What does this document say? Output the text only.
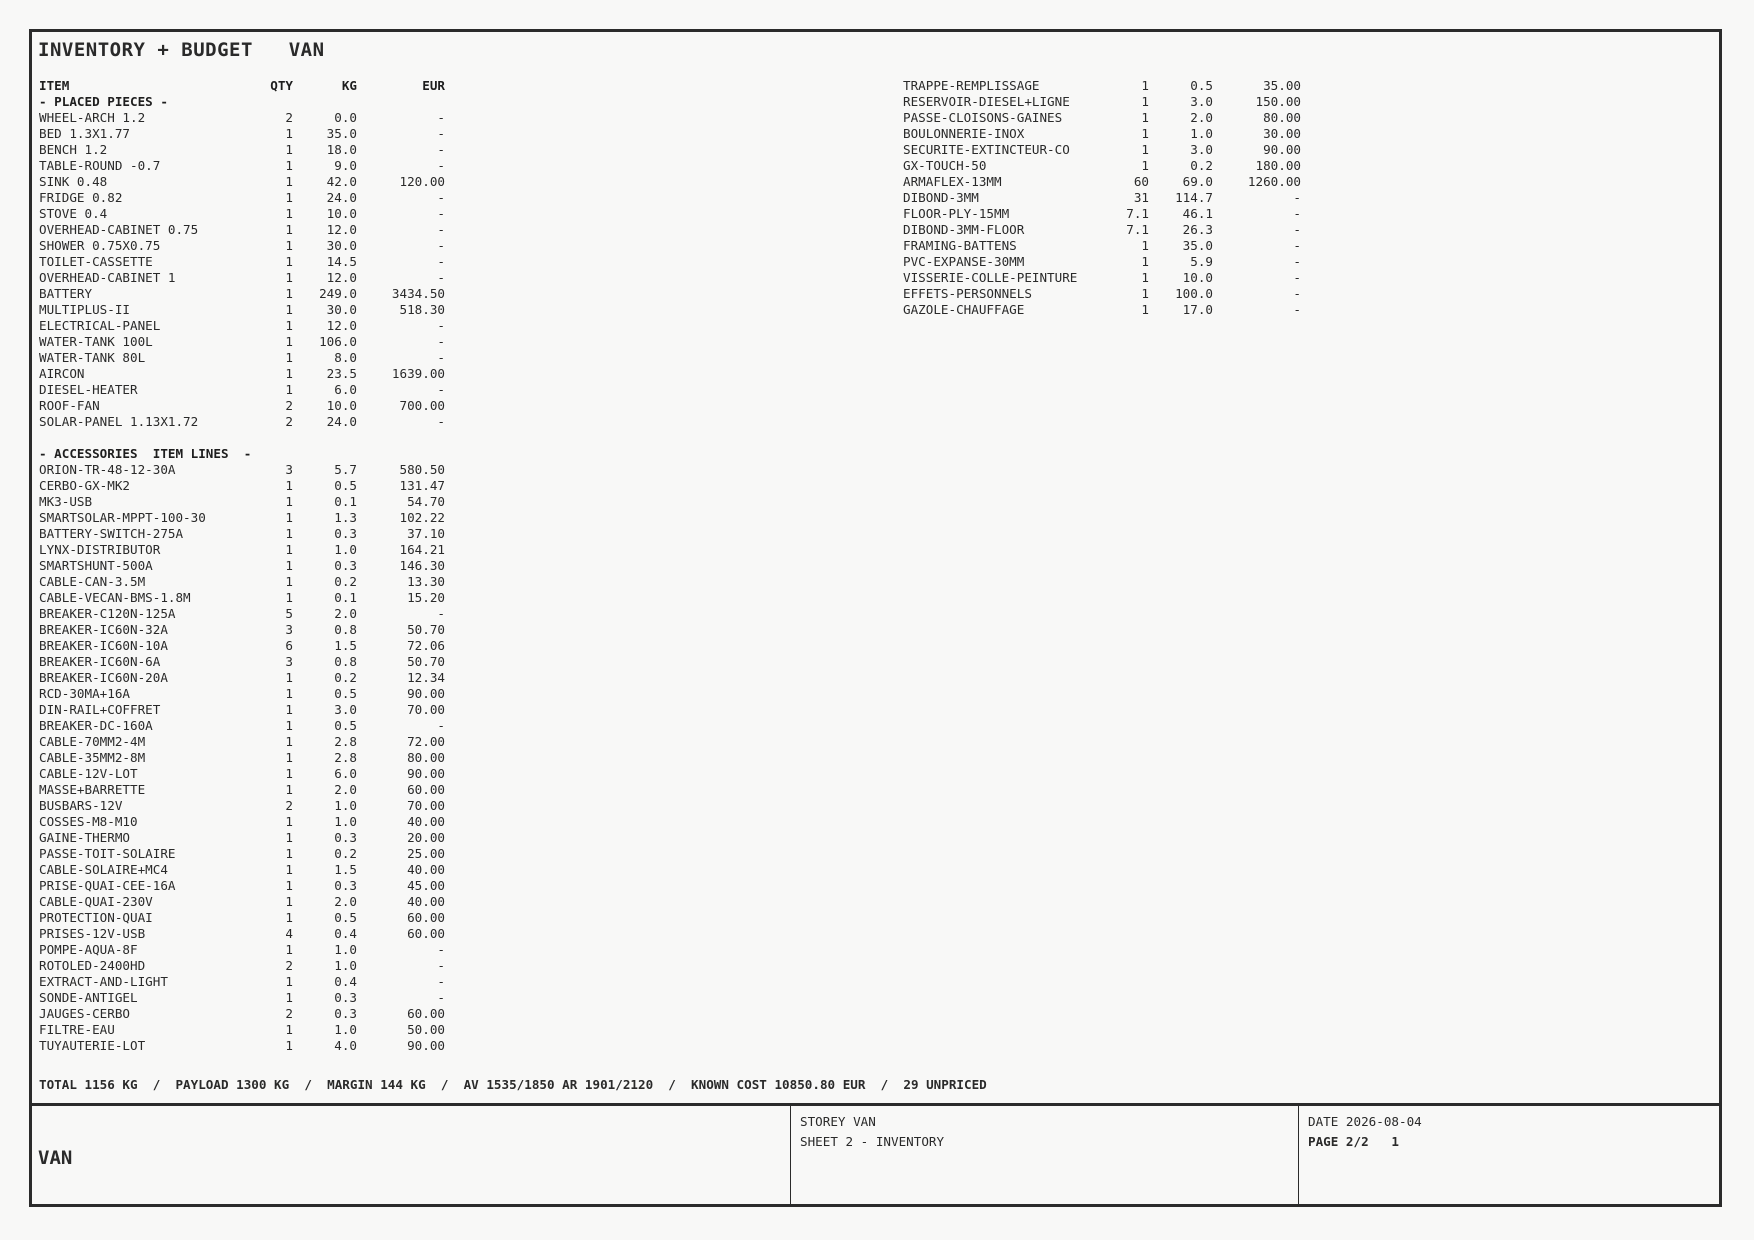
INVENTORY + BUDGET   VAN
ITEM	QTY	KG	EUR
- PLACED PIECES -
WHEEL-ARCH 1.2	2	0.0	-
BED 1.3X1.77	1	35.0	-
BENCH 1.2	1	18.0	-
TABLE-ROUND -0.7	1	9.0	-
SINK 0.48	1	42.0	120.00
FRIDGE 0.82	1	24.0	-
STOVE 0.4	1	10.0	-
OVERHEAD-CABINET 0.75	1	12.0	-
SHOWER 0.75X0.75	1	30.0	-
TOILET-CASSETTE	1	14.5	-
OVERHEAD-CABINET 1	1	12.0	-
BATTERY	1	249.0	3434.50
MULTIPLUS-II	1	30.0	518.30
ELECTRICAL-PANEL	1	12.0	-
WATER-TANK 100L	1	106.0	-
WATER-TANK 80L	1	8.0	-
AIRCON	1	23.5	1639.00
DIESEL-HEATER	1	6.0	-
ROOF-FAN	2	10.0	700.00
SOLAR-PANEL 1.13X1.72	2	24.0	-
- ACCESSORIES  ITEM LINES  -
ORION-TR-48-12-30A	3	5.7	580.50
CERBO-GX-MK2	1	0.5	131.47
MK3-USB	1	0.1	54.70
SMARTSOLAR-MPPT-100-30	1	1.3	102.22
BATTERY-SWITCH-275A	1	0.3	37.10
LYNX-DISTRIBUTOR	1	1.0	164.21
SMARTSHUNT-500A	1	0.3	146.30
CABLE-CAN-3.5M	1	0.2	13.30
CABLE-VECAN-BMS-1.8M	1	0.1	15.20
BREAKER-C120N-125A	5	2.0	-
BREAKER-IC60N-32A	3	0.8	50.70
BREAKER-IC60N-10A	6	1.5	72.06
BREAKER-IC60N-6A	3	0.8	50.70
BREAKER-IC60N-20A	1	0.2	12.34
RCD-30MA+16A	1	0.5	90.00
DIN-RAIL+COFFRET	1	3.0	70.00
BREAKER-DC-160A	1	0.5	-
CABLE-70MM2-4M	1	2.8	72.00
CABLE-35MM2-8M	1	2.8	80.00
CABLE-12V-LOT	1	6.0	90.00
MASSE+BARRETTE	1	2.0	60.00
BUSBARS-12V	2	1.0	70.00
COSSES-M8-M10	1	1.0	40.00
GAINE-THERMO	1	0.3	20.00
PASSE-TOIT-SOLAIRE	1	0.2	25.00
CABLE-SOLAIRE+MC4	1	1.5	40.00
PRISE-QUAI-CEE-16A	1	0.3	45.00
CABLE-QUAI-230V	1	2.0	40.00
PROTECTION-QUAI	1	0.5	60.00
PRISES-12V-USB	4	0.4	60.00
POMPE-AQUA-8F	1	1.0	-
ROTOLED-2400HD	2	1.0	-
EXTRACT-AND-LIGHT	1	0.4	-
SONDE-ANTIGEL	1	0.3	-
JAUGES-CERBO	2	0.3	60.00
FILTRE-EAU	1	1.0	50.00
TUYAUTERIE-LOT	1	4.0	90.00
TRAPPE-REMPLISSAGE	1	0.5	35.00
RESERVOIR-DIESEL+LIGNE	1	3.0	150.00
PASSE-CLOISONS-GAINES	1	2.0	80.00
BOULONNERIE-INOX	1	1.0	30.00
SECURITE-EXTINCTEUR-CO	1	3.0	90.00
GX-TOUCH-50	1	0.2	180.00
ARMAFLEX-13MM	60	69.0	1260.00
DIBOND-3MM	31	114.7	-
FLOOR-PLY-15MM	7.1	46.1	-
DIBOND-3MM-FLOOR	7.1	26.3	-
FRAMING-BATTENS	1	35.0	-
PVC-EXPANSE-30MM	1	5.9	-
VISSERIE-COLLE-PEINTURE	1	10.0	-
EFFETS-PERSONNELS	1	100.0	-
GAZOLE-CHAUFFAGE	1	17.0	-
TOTAL 1156 KG  /  PAYLOAD 1300 KG  /  MARGIN 144 KG  /  AV 1535/1850 AR 1901/2120  /  KNOWN COST 10850.80 EUR  /  29 UNPRICED
VAN
STOREY VAN
SHEET 2 - INVENTORY
DATE 2026-08-04
PAGE 2/2   1
